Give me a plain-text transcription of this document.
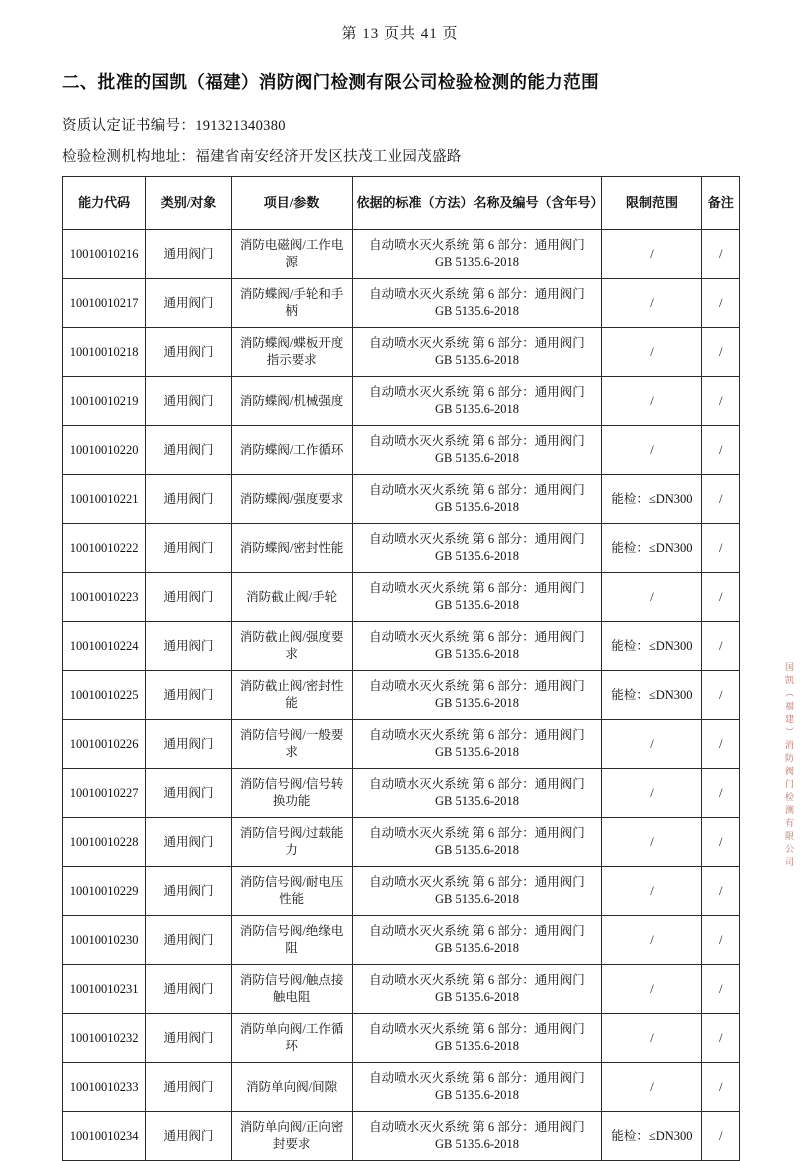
第 13 页共 41 页
二、批准的国凯（福建）消防阀门检测有限公司检验检测的能力范围
资质认定证书编号：191321340380
检验检测机构地址：福建省南安经济开发区扶茂工业园茂盛路
能力代码	类别/对象	项目/参数	依据的标准（方法）名称及编号（含年号）	限制范围	备注
10010010216	通用阀门	消防电磁阀/工作电源	自动喷水灭火系统 第 6 部分：通用阀门
GB 5135.6-2018	/	/
10010010217	通用阀门	消防蝶阀/手轮和手柄	自动喷水灭火系统 第 6 部分：通用阀门
GB 5135.6-2018	/	/
10010010218	通用阀门	消防蝶阀/蝶板开度指示要求	自动喷水灭火系统 第 6 部分：通用阀门
GB 5135.6-2018	/	/
10010010219	通用阀门	消防蝶阀/机械强度	自动喷水灭火系统 第 6 部分：通用阀门
GB 5135.6-2018	/	/
10010010220	通用阀门	消防蝶阀/工作循环	自动喷水灭火系统 第 6 部分：通用阀门
GB 5135.6-2018	/	/
10010010221	通用阀门	消防蝶阀/强度要求	自动喷水灭火系统 第 6 部分：通用阀门
GB 5135.6-2018	能检：≤DN300	/
10010010222	通用阀门	消防蝶阀/密封性能	自动喷水灭火系统 第 6 部分：通用阀门
GB 5135.6-2018	能检：≤DN300	/
10010010223	通用阀门	消防截止阀/手轮	自动喷水灭火系统 第 6 部分：通用阀门
GB 5135.6-2018	/	/
10010010224	通用阀门	消防截止阀/强度要求	自动喷水灭火系统 第 6 部分：通用阀门
GB 5135.6-2018	能检：≤DN300	/
10010010225	通用阀门	消防截止阀/密封性能	自动喷水灭火系统 第 6 部分：通用阀门
GB 5135.6-2018	能检：≤DN300	/
10010010226	通用阀门	消防信号阀/一般要求	自动喷水灭火系统 第 6 部分：通用阀门
GB 5135.6-2018	/	/
10010010227	通用阀门	消防信号阀/信号转换功能	自动喷水灭火系统 第 6 部分：通用阀门
GB 5135.6-2018	/	/
10010010228	通用阀门	消防信号阀/过载能力	自动喷水灭火系统 第 6 部分：通用阀门
GB 5135.6-2018	/	/
10010010229	通用阀门	消防信号阀/耐电压性能	自动喷水灭火系统 第 6 部分：通用阀门
GB 5135.6-2018	/	/
10010010230	通用阀门	消防信号阀/绝缘电阻	自动喷水灭火系统 第 6 部分：通用阀门
GB 5135.6-2018	/	/
10010010231	通用阀门	消防信号阀/触点接触电阻	自动喷水灭火系统 第 6 部分：通用阀门
GB 5135.6-2018	/	/
10010010232	通用阀门	消防单向阀/工作循环	自动喷水灭火系统 第 6 部分：通用阀门
GB 5135.6-2018	/	/
10010010233	通用阀门	消防单向阀/间隙	自动喷水灭火系统 第 6 部分：通用阀门
GB 5135.6-2018	/	/
10010010234	通用阀门	消防单向阀/正向密封要求	自动喷水灭火系统 第 6 部分：通用阀门
GB 5135.6-2018	能检：≤DN300	/
国凯（福建）消防阀门检测有限公司
